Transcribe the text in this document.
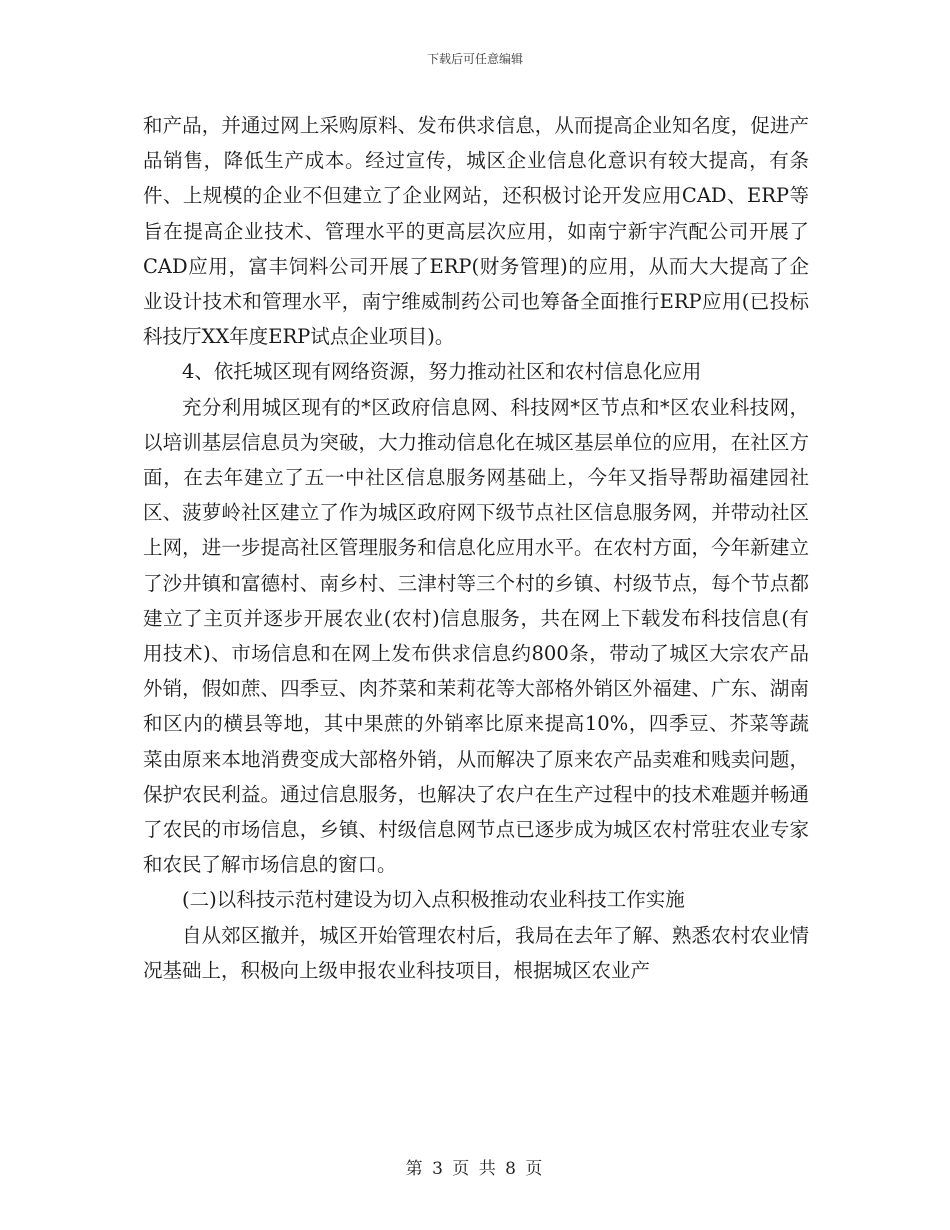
下载后可任意编辑

和产品，并通过网上采购原料、发布供求信息，从而提高企业知名度，促进产品销售，降低生产成本。经过宣传，城区企业信息化意识有较大提高，有条件、上规模的企业不但建立了企业网站，还积极讨论开发应用CAD、ERP等旨在提高企业技术、管理水平的更高层次应用，如南宁新宇汽配公司开展了CAD应用，富丰饲料公司开展了ERP(财务管理)的应用，从而大大提高了企业设计技术和管理水平，南宁维威制药公司也筹备全面推行ERP应用(已投标科技厅XX年度ERP试点企业项目)。

4、依托城区现有网络资源，努力推动社区和农村信息化应用

充分利用城区现有的*区政府信息网、科技网*区节点和*区农业科技网，以培训基层信息员为突破，大力推动信息化在城区基层单位的应用，在社区方面，在去年建立了五一中社区信息服务网基础上，今年又指导帮助福建园社区、菠萝岭社区建立了作为城区政府网下级节点社区信息服务网，并带动社区上网，进一步提高社区管理服务和信息化应用水平。在农村方面，今年新建立了沙井镇和富德村、南乡村、三津村等三个村的乡镇、村级节点，每个节点都建立了主页并逐步开展农业(农村)信息服务，共在网上下载发布科技信息(有用技术)、市场信息和在网上发布供求信息约800条，带动了城区大宗农产品外销，假如蔗、四季豆、肉芥菜和茉莉花等大部格外销区外福建、广东、湖南和区内的横县等地，其中果蔗的外销率比原来提高10%，四季豆、芥菜等蔬菜由原来本地消费变成大部格外销，从而解决了原来农产品卖难和贱卖问题，保护农民利益。通过信息服务，也解决了农户在生产过程中的技术难题并畅通了农民的市场信息，乡镇、村级信息网节点已逐步成为城区农村常驻农业专家和农民了解市场信息的窗口。

(二)以科技示范村建设为切入点积极推动农业科技工作实施

自从郊区撤并，城区开始管理农村后，我局在去年了解、熟悉农村农业情况基础上，积极向上级申报农业科技项目，根据城区农业产

第 3 页 共 8 页
